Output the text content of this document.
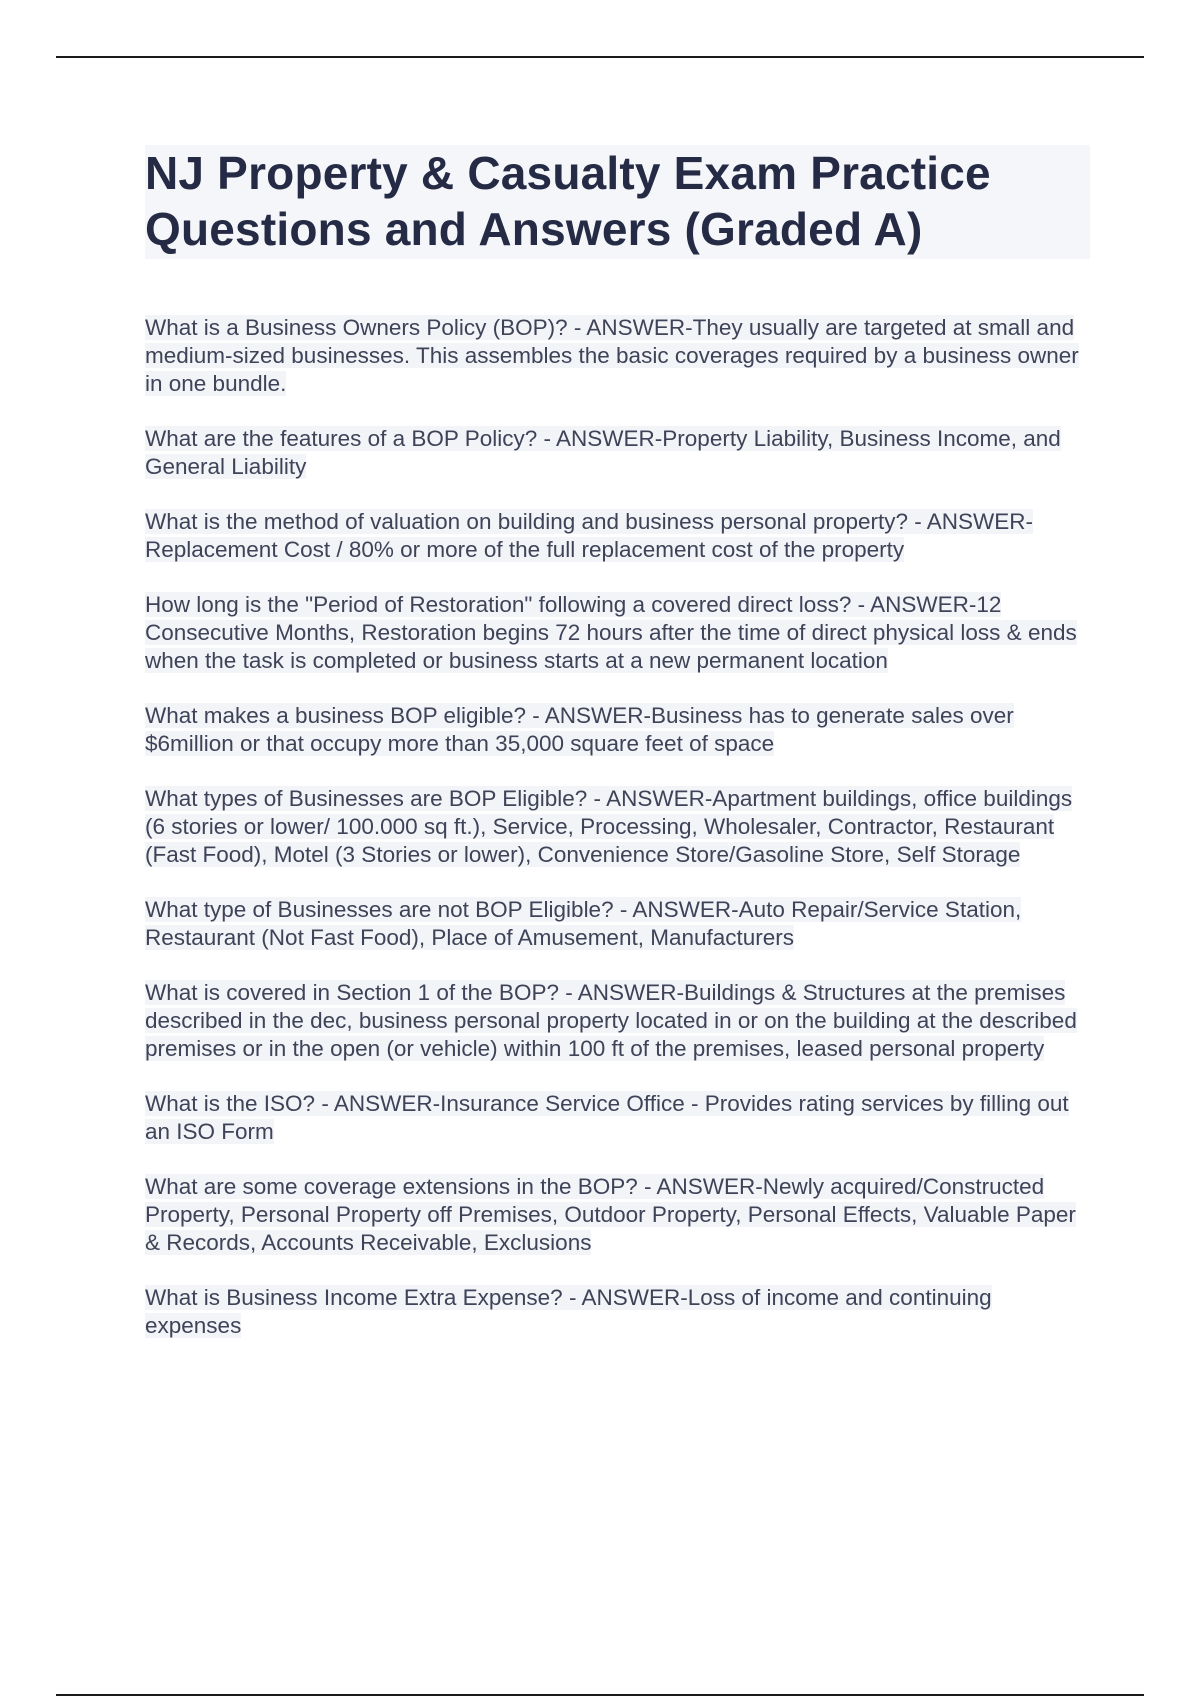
NJ Property & Casualty Exam Practice Questions and Answers (Graded A)

What is a Business Owners Policy (BOP)? - ANSWER-They usually are targeted at small and medium-sized businesses. This assembles the basic coverages required by a business owner in one bundle.

What are the features of a BOP Policy? - ANSWER-Property Liability, Business Income, and General Liability

What is the method of valuation on building and business personal property? - ANSWER-Replacement Cost / 80% or more of the full replacement cost of the property

How long is the "Period of Restoration" following a covered direct loss? - ANSWER-12 Consecutive Months, Restoration begins 72 hours after the time of direct physical loss & ends when the task is completed or business starts at a new permanent location

What makes a business BOP eligible? - ANSWER-Business has to generate sales over $6million or that occupy more than 35,000 square feet of space

What types of Businesses are BOP Eligible? - ANSWER-Apartment buildings, office buildings (6 stories or lower/ 100.000 sq ft.), Service, Processing, Wholesaler, Contractor, Restaurant (Fast Food), Motel (3 Stories or lower), Convenience Store/Gasoline Store, Self Storage

What type of Businesses are not BOP Eligible? - ANSWER-Auto Repair/Service Station, Restaurant (Not Fast Food), Place of Amusement, Manufacturers

What is covered in Section 1 of the BOP? - ANSWER-Buildings & Structures at the premises described in the dec, business personal property located in or on the building at the described premises or in the open (or vehicle) within 100 ft of the premises, leased personal property

What is the ISO? - ANSWER-Insurance Service Office - Provides rating services by filling out an ISO Form

What are some coverage extensions in the BOP? - ANSWER-Newly acquired/Constructed Property, Personal Property off Premises, Outdoor Property, Personal Effects, Valuable Paper & Records, Accounts Receivable, Exclusions

What is Business Income Extra Expense? - ANSWER-Loss of income and continuing expenses
